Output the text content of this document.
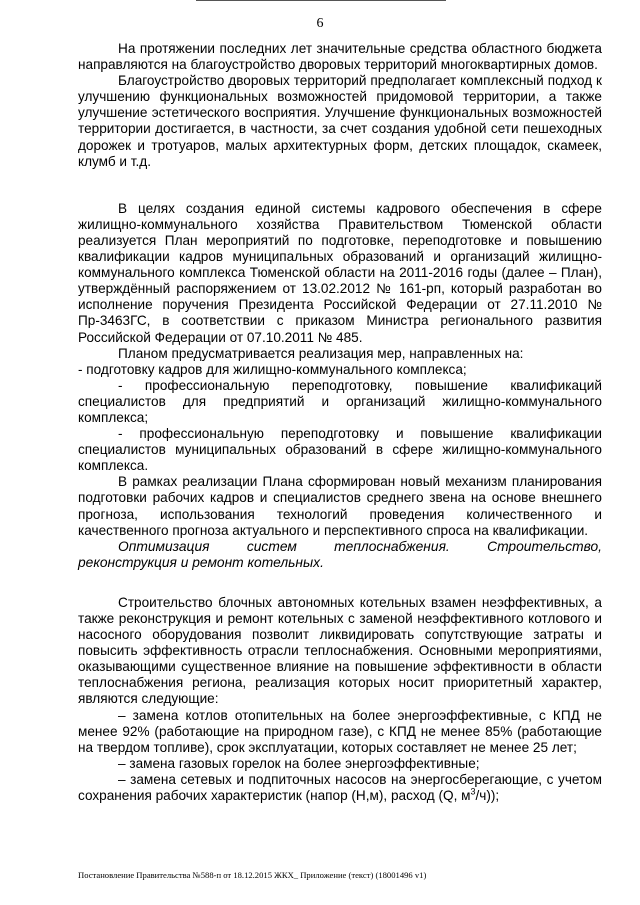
6

На протяжении последних лет значительные средства областного бюджета направляются на благоустройство дворовых территорий многоквартирных домов.

Благоустройство дворовых территорий предполагает комплексный подход к улучшению функциональных возможностей придомовой территории, а также улучшение эстетического восприятия. Улучшение функциональных возможностей территории достигается, в частности, за счет создания удобной сети пешеходных дорожек и тротуаров, малых архитектурных форм, детских площадок, скамеек, клумб и т.д.

В целях создания единой системы кадрового обеспечения в сфере жилищно-коммунального хозяйства Правительством Тюменской области реализуется План мероприятий по подготовке, переподготовке и повышению квалификации кадров муниципальных образований и организаций жилищно-коммунального комплекса Тюменской области на 2011-2016 годы (далее – План), утверждённый распоряжением от 13.02.2012 № 161-рп, который разработан во исполнение поручения Президента Российской Федерации от 27.11.2010 № Пр-3463ГС, в соответствии с приказом Министра регионального развития Российской Федерации от 07.10.2011 № 485.

Планом предусматривается реализация мер, направленных на:

- подготовку кадров для жилищно-коммунального комплекса;

- профессиональную переподготовку, повышение квалификаций специалистов для предприятий и организаций жилищно-коммунального комплекса;

- профессиональную переподготовку и повышение квалификации специалистов муниципальных образований в сфере жилищно-коммунального комплекса.

В рамках реализации Плана сформирован новый механизм планирования подготовки рабочих кадров и специалистов среднего звена на основе внешнего прогноза, использования технологий проведения количественного и качественного прогноза актуального и перспективного спроса на квалификации.

Оптимизация систем теплоснабжения. Строительство, реконструкция и ремонт котельных.

Строительство блочных автономных котельных взамен неэффективных, а также реконструкция и ремонт котельных с заменой неэффективного котлового и насосного оборудования позволит ликвидировать сопутствующие затраты и повысить эффективность отрасли теплоснабжения. Основными мероприятиями, оказывающими существенное влияние на повышение эффективности в области теплоснабжения региона, реализация которых носит приоритетный характер, являются следующие:

– замена котлов отопительных на более энергоэффективные, с КПД не менее 92% (работающие на природном газе), с КПД не менее 85% (работающие на твердом топливе), срок эксплуатации, которых составляет не менее 25 лет;

– замена газовых горелок на более энергоэффективные;

– замена сетевых и подпиточных насосов на энергосберегающие, с учетом сохранения рабочих характеристик (напор (H,м), расход (Q, $м^3/ч$));

Постановление Правительства №588-п от 18.12.2015 ЖКХ_ Приложение (текст) (18001496 v1)
